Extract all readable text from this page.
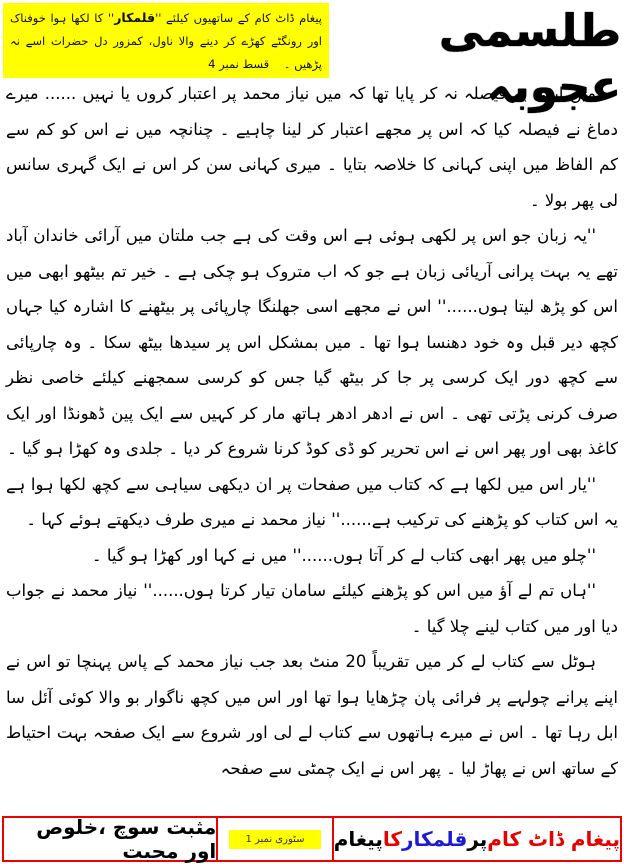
پیغام ڈاٹ کام کے ساتھیوں کیلئے ''قلمکار'' کا لکھا ہوا خوفناک اور رونگٹے کھڑے کر دینے والا ناول، کمزور دل حضرات اسے نہ پڑھیں ۔    قسط نمبر 4
طلسمی عجوبہ

میں ابھی یہ فیصلہ نہ کر پایا تھا کہ میں نیاز محمد پر اعتبار کروں یا نہیں ...... میرے دماغ نے فیصلہ کیا کہ اس پر مجھے اعتبار کر لینا چاہیے ۔ چنانچہ میں نے اس کو کم سے کم الفاظ میں اپنی کہانی کا خلاصہ بتایا ۔ میری کہانی سن کر اس نے ایک گہری سانس لی پھر بولا ۔

''یہ زبان جو اس پر لکھی ہوئی ہے اس وقت کی ہے جب ملتان میں آرائی خاندان آباد تھے یہ بہت پرانی آریائی زبان ہے جو کہ اب متروک ہو چکی ہے ۔ خیر تم بیٹھو ابھی میں اس کو پڑھ لیتا ہوں......'' اس نے مجھے اسی جھلنگا چارپائی پر بیٹھنے کا اشارہ کیا جہاں کچھ دیر قبل وہ خود دھنسا ہوا تھا ۔ میں بمشکل اس پر سیدھا بیٹھ سکا ۔ وہ چارپائی سے کچھ دور ایک کرسی پر جا کر بیٹھ گیا جس کو کرسی سمجھنے کیلئے خاصی نظر صرف کرنی پڑتی تھی ۔ اس نے ادھر ادھر ہاتھ مار کر کہیں سے ایک پین ڈھونڈا اور ایک کاغذ بھی اور پھر اس نے اس تحریر کو ڈی کوڈ کرنا شروع کر دیا ۔ جلدی وہ کھڑا ہو گیا ۔

''یار اس میں لکھا ہے کہ کتاب میں صفحات پر ان دیکھی سیاہی سے کچھ لکھا ہوا ہے یہ اس کتاب کو پڑھنے کی ترکیب ہے......'' نیاز محمد نے میری طرف دیکھتے ہوئے کہا ۔

''چلو میں پھر ابھی کتاب لے کر آتا ہوں......'' میں نے کہا اور کھڑا ہو گیا ۔

''ہاں تم لے آؤ میں اس کو پڑھنے کیلئے سامان تیار کرتا ہوں......'' نیاز محمد نے جواب دیا اور میں کتاب لینے چلا گیا ۔

ہوٹل سے کتاب لے کر میں تقریباً 20 منٹ بعد جب نیاز محمد کے پاس پہنچا تو اس نے اپنے پرانے چولہے پر فرائی پان چڑھایا ہوا تھا اور اس میں کچھ ناگوار بو والا کوئی آئل سا ابل رہا تھا ۔ اس نے میرے ہاتھوں سے کتاب لے لی اور شروع سے ایک صفحہ بہت احتیاط کے ساتھ اس نے پھاڑ لیا ۔ پھر اس نے ایک چمٹی سے صفحہ

مثبت سوچ ،خلوص اور محبت	سٹوری نمبر 1	پیغام ڈاٹ کام
پر
قلمکار
کا
پیغام
